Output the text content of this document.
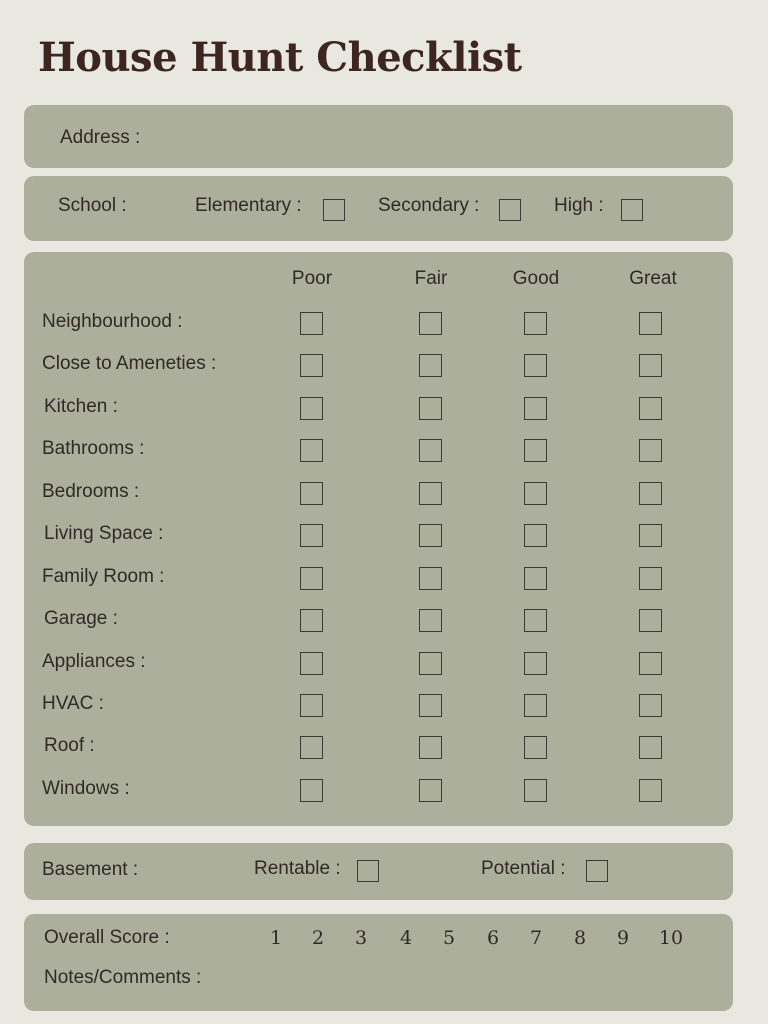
House Hunt Checklist
Address :
School :	Elementary :	Secondary :	High :
Poor	Fair	Good	Great
Neighbourhood :
Close to Ameneties :
Kitchen :
Bathrooms :
Bedrooms :
Living Space :
Family Room :
Garage :
Appliances :
HVAC :
Roof :
Windows :
Basement :	Rentable :	Potential :
Overall Score :
Notes/Comments :
1	2	3	4	5	6	7	8	9	10
